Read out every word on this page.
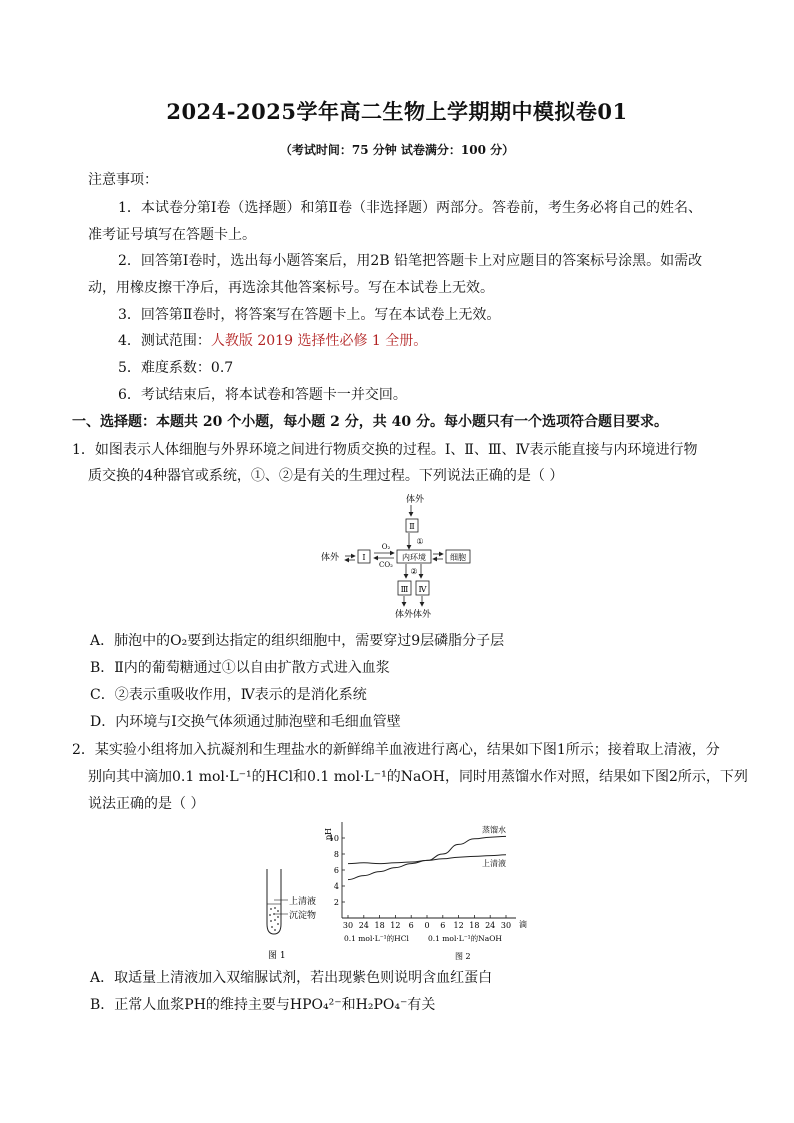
2024-2025学年高二生物上学期期中模拟卷01
（考试时间：75 分钟 试卷满分：100 分）
注意事项：
1．本试卷分第Ⅰ卷（选择题）和第Ⅱ卷（非选择题）两部分。答卷前，考生务必将自己的姓名、
准考证号填写在答题卡上。
2．回答第Ⅰ卷时，选出每小题答案后，用2B 铅笔把答题卡上对应题目的答案标号涂黑。如需改
动，用橡皮擦干净后，再选涂其他答案标号。写在本试卷上无效。
3．回答第Ⅱ卷时，将答案写在答题卡上。写在本试卷上无效。
4．测试范围：人教版 2019 选择性必修 1 全册。
5．难度系数：0.7
6．考试结束后，将本试卷和答题卡一并交回。
一、选择题：本题共 20 个小题，每小题 2 分，共 40 分。每小题只有一个选项符合题目要求。
1．如图表示人体细胞与外界环境之间进行物质交换的过程。Ⅰ、Ⅱ、Ⅲ、Ⅳ表示能直接与内环境进行物
质交换的4种器官或系统，①、②是有关的生理过程。下列说法正确的是（ ）
体外
Ⅱ
①
体外	Ⅰ
O₂
CO₂
内环境	细胞
②
Ⅲ Ⅳ
体外体外
A．肺泡中的O₂要到达指定的组织细胞中，需要穿过9层磷脂分子层
B．Ⅱ内的葡萄糖通过①以自由扩散方式进入血浆
C．②表示重吸收作用，Ⅳ表示的是消化系统
D．内环境与Ⅰ交换气体须通过肺泡壁和毛细血管壁
2．某实验小组将加入抗凝剂和生理盐水的新鲜绵羊血液进行离心，结果如下图1所示；接着取上清液，分
别向其中滴加0.1 mol·L⁻¹的HCl和0.1 mol·L⁻¹的NaOH，同时用蒸馏水作对照，结果如下图2所示，下列
说法正确的是（ ）
上清液
沉淀物
图 1
pH
2
4
6
8
10
30 24 18 12 6 0 6 12 18 24 30 滴
0.1 mol·L⁻¹的HCl	0.1 mol·L⁻¹的NaOH
图 2
蒸馏水
上清液
A．取适量上清液加入双缩脲试剂，若出现紫色则说明含血红蛋白
B．正常人血浆PH的维持主要与HPO₄²⁻和H₂PO₄⁻有关
